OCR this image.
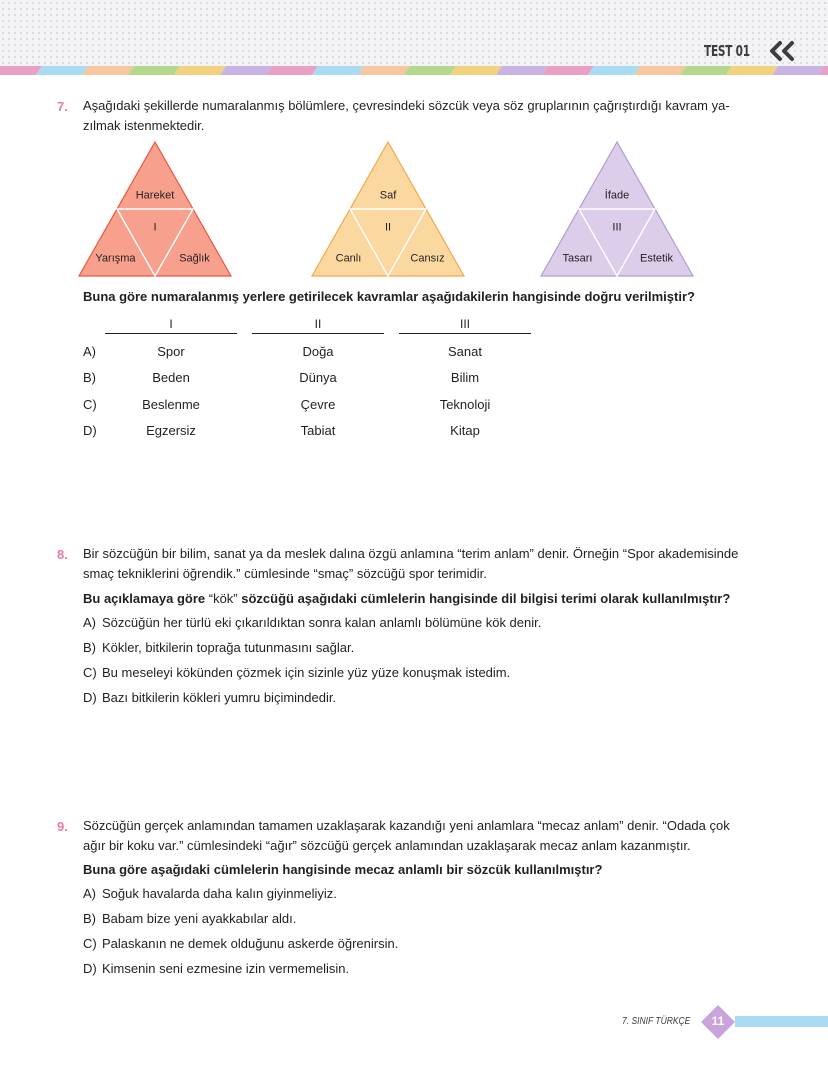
TEST 01
7. Aşağıdaki şekillerde numaralanmış bölümlere, çevresindeki sözcük veya söz gruplarının çağrıştırdığı kavram ya-
zılmak istenmektedir.
Hareket
I
Yarışma	Sağlık
Saf
II
Canlı	Cansız
İfade
III
Tasarı	Estetik
Buna göre numaralanmış yerlere getirilecek kavramlar aşağıdakilerin hangisinde doğru verilmiştir?
I	II	III
A)	Spor	Doğa	Sanat
B)	Beden	Dünya	Bilim
C)	Beslenme	Çevre	Teknoloji
D)	Egzersiz	Tabiat	Kitap
8. Bir sözcüğün bir bilim, sanat ya da meslek dalına özgü anlamına “terim anlam” denir. Örneğin “Spor akademisinde
smaç tekniklerini öğrendik.” cümlesinde “smaç” sözcüğü spor terimidir.
Bu açıklamaya göre “kök” sözcüğü aşağıdaki cümlelerin hangisinde dil bilgisi terimi olarak kullanılmıştır?
A) Sözcüğün her türlü eki çıkarıldıktan sonra kalan anlamlı bölümüne kök denir.
B) Kökler, bitkilerin toprağa tutunmasını sağlar.
C) Bu meseleyi kökünden çözmek için sizinle yüz yüze konuşmak istedim.
D) Bazı bitkilerin kökleri yumru biçimindedir.
9. Sözcüğün gerçek anlamından tamamen uzaklaşarak kazandığı yeni anlamlara “mecaz anlam” denir. “Odada çok
ağır bir koku var.” cümlesindeki “ağır” sözcüğü gerçek anlamından uzaklaşarak mecaz anlam kazanmıştır.
Buna göre aşağıdaki cümlelerin hangisinde mecaz anlamlı bir sözcük kullanılmıştır?
A) Soğuk havalarda daha kalın giyinmeliyiz.
B) Babam bize yeni ayakkabılar aldı.
C) Palaskanın ne demek olduğunu askerde öğrenirsin.
D) Kimsenin seni ezmesine izin vermemelisin.
7. SINIF TÜRKÇE	11
